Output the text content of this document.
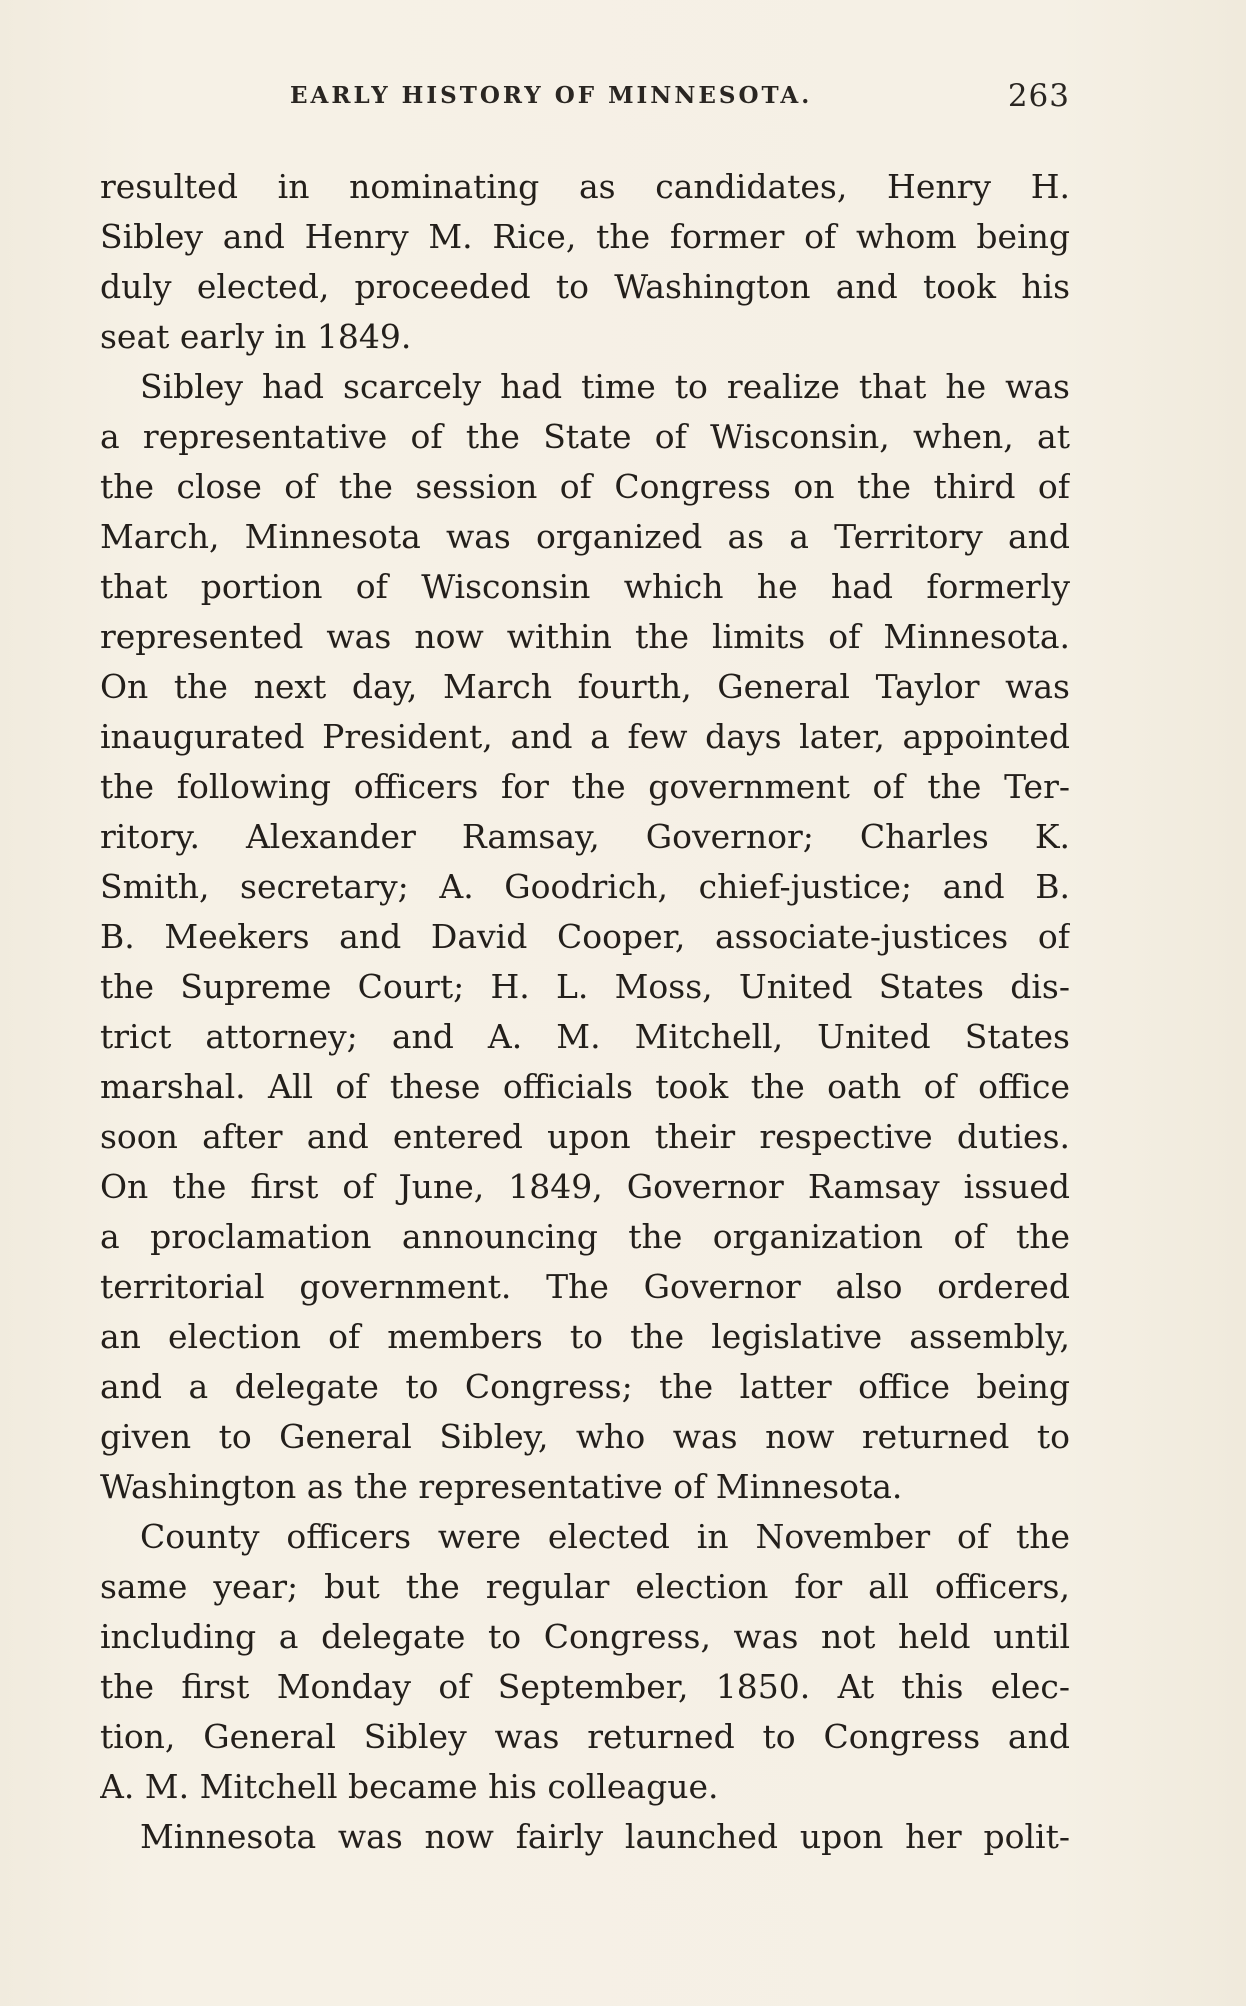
EARLY HISTORY OF MINNESOTA.	263
resulted in nominating as candidates, Henry H.
Sibley and Henry M. Rice, the former of whom being
duly elected, proceeded to Washington and took his
seat early in 1849.
Sibley had scarcely had time to realize that he was
a representative of the State of Wisconsin, when, at
the close of the session of Congress on the third of
March, Minnesota was organized as a Territory and
that portion of Wisconsin which he had formerly
represented was now within the limits of Minnesota.
On the next day, March fourth, General Taylor was
inaugurated President, and a few days later, appointed
the following officers for the government of the Ter-
ritory. Alexander Ramsay, Governor; Charles K.
Smith, secretary; A. Goodrich, chief-justice; and B.
B. Meekers and David Cooper, associate-justices of
the Supreme Court; H. L. Moss, United States dis-
trict attorney; and A. M. Mitchell, United States
marshal. All of these officials took the oath of office
soon after and entered upon their respective duties.
On the first of June, 1849, Governor Ramsay issued
a proclamation announcing the organization of the
territorial government. The Governor also ordered
an election of members to the legislative assembly,
and a delegate to Congress; the latter office being
given to General Sibley, who was now returned to
Washington as the representative of Minnesota.
County officers were elected in November of the
same year; but the regular election for all officers,
including a delegate to Congress, was not held until
the first Monday of September, 1850. At this elec-
tion, General Sibley was returned to Congress and
A. M. Mitchell became his colleague.
Minnesota was now fairly launched upon her polit-
